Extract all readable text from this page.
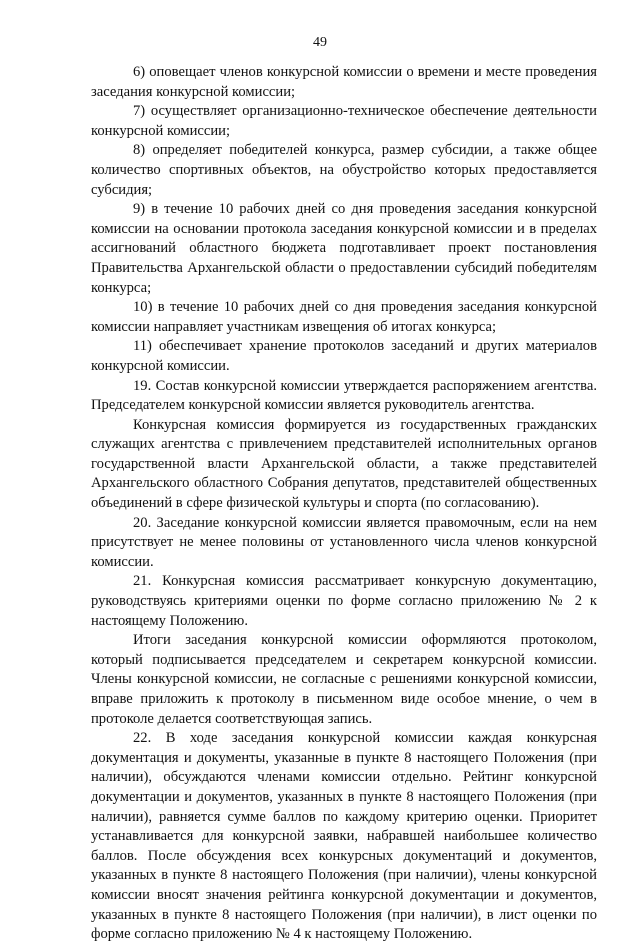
49

6) оповещает членов конкурсной комиссии о времени и месте проведения заседания конкурсной комиссии;

7) осуществляет организационно-техническое обеспечение деятельности конкурсной комиссии;

8) определяет победителей конкурса, размер субсидии, а также общее количество спортивных объектов, на обустройство которых предоставляется субсидия;

9) в течение 10 рабочих дней со дня проведения заседания конкурсной комиссии на основании протокола заседания конкурсной комиссии и в пределах ассигнований областного бюджета подготавливает проект постановления Правительства Архангельской области о предоставлении субсидий победителям конкурса;

10) в течение 10 рабочих дней со дня проведения заседания конкурсной комиссии направляет участникам извещения об итогах конкурса;

11) обеспечивает хранение протоколов заседаний и других материалов конкурсной комиссии.

19. Состав конкурсной комиссии утверждается распоряжением агентства. Председателем конкурсной комиссии является руководитель агентства.

Конкурсная комиссия формируется из государственных гражданских служащих агентства с привлечением представителей исполнительных органов государственной власти Архангельской области, а также представителей Архангельского областного Собрания депутатов, представителей общественных объединений в сфере физической культуры и спорта (по согласованию).

20. Заседание конкурсной комиссии является правомочным, если на нем присутствует не менее половины от установленного числа членов конкурсной комиссии.

21. Конкурсная комиссия рассматривает конкурсную документацию, руководствуясь критериями оценки по форме согласно приложению № 2 к настоящему Положению.

Итоги заседания конкурсной комиссии оформляются протоколом, который подписывается председателем и секретарем конкурсной комиссии. Члены конкурсной комиссии, не согласные с решениями конкурсной комиссии, вправе приложить к протоколу в письменном виде особое мнение, о чем в протоколе делается соответствующая запись.

22. В ходе заседания конкурсной комиссии каждая конкурсная документация и документы, указанные в пункте 8 настоящего Положения (при наличии), обсуждаются членами комиссии отдельно. Рейтинг конкурсной документации и документов, указанных в пункте 8 настоящего Положения (при наличии), равняется сумме баллов по каждому критерию оценки. Приоритет устанавливается для конкурсной заявки, набравшей наибольшее количество баллов. После обсуждения всех конкурсных документаций и документов, указанных в пункте 8 настоящего Положения (при наличии), члены конкурсной комиссии вносят значения рейтинга конкурсной документации и документов, указанных в пункте 8 настоящего Положения (при наличии), в лист оценки по форме согласно приложению № 4 к настоящему Положению.
